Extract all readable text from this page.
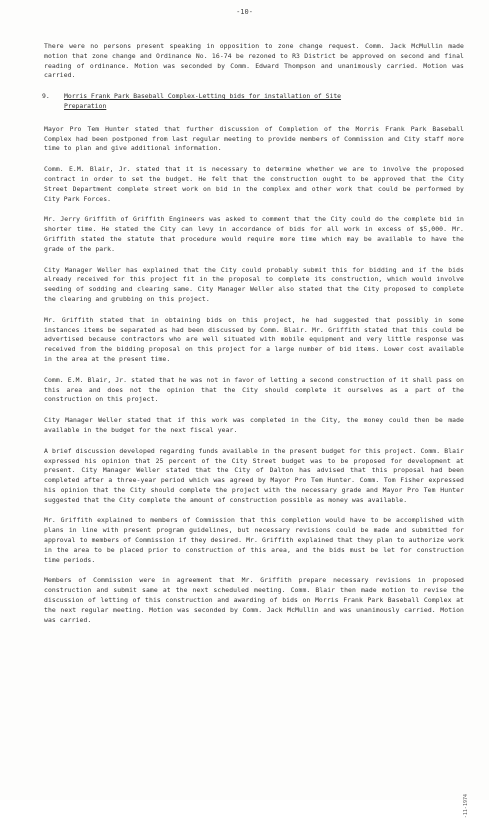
-10-

There were no persons present speaking in opposition to zone change request. Comm. Jack McMullin made motion that zone change and Ordinance No. 16-74 be rezoned to R3 District be approved on second and final reading of ordinance. Motion was seconded by Comm. Edward Thompson and unanimously carried. Motion was carried.

9.	Morris Frank Park Baseball Complex-Letting bids for installation of Site
Preparation

Mayor Pro Tem Hunter stated that further discussion of Completion of the Morris Frank Park Baseball Complex had been postponed from last regular meeting to provide members of Commission and City staff more time to plan and give additional information.

Comm. E.M. Blair, Jr. stated that it is necessary to determine whether we are to involve the proposed contract in order to set the budget. He felt that the construction ought to be approved that the City Street Department complete street work on bid in the complex and other work that could be performed by City Park Forces.

Mr. Jerry Griffith of Griffith Engineers was asked to comment that the City could do the complete bid in shorter time. He stated the City can levy in accordance of bids for all work in excess of $5,000. Mr. Griffith stated the statute that procedure would require more time which may be available to have the grade of the park.

City Manager Weller has explained that the City could probably submit this for bidding and if the bids already received for this project fit in the proposal to complete its construction, which would involve seeding of sodding and clearing same. City Manager Weller also stated that the City proposed to complete the clearing and grubbing on this project.

Mr. Griffith stated that in obtaining bids on this project, he had suggested that possibly in some instances items be separated as had been discussed by Comm. Blair. Mr. Griffith stated that this could be advertised because contractors who are well situated with mobile equipment and very little response was received from the bidding proposal on this project for a large number of bid items. Lower cost available in the area at the present time.

Comm. E.M. Blair, Jr. stated that he was not in favor of letting a second construction of it shall pass on this area and does not the opinion that the City should complete it ourselves as a part of the construction on this project.

City Manager Weller stated that if this work was completed in the City, the money could then be made available in the budget for the next fiscal year.

A brief discussion developed regarding funds available in the present budget for this project. Comm. Blair expressed his opinion that 25 percent of the City Street budget was to be proposed for development at present. City Manager Weller stated that the City of Dalton has advised that this proposal had been completed after a three-year period which was agreed by Mayor Pro Tem Hunter. Comm. Tom Fisher expressed his opinion that the City should complete the project with the necessary grade and Mayor Pro Tem Hunter suggested that the City complete the amount of construction possible as money was available.

Mr. Griffith explained to members of Commission that this completion would have to be accomplished with plans in line with present program guidelines, but necessary revisions could be made and submitted for approval to members of Commission if they desired. Mr. Griffith explained that they plan to authorize work in the area to be placed prior to construction of this area, and the bids must be let for construction time periods.

Members of Commission were in agreement that Mr. Griffith prepare necessary revisions in proposed construction and submit same at the next scheduled meeting. Comm. Blair then made motion to revise the discussion of letting of this construction and awarding of bids on Morris Frank Park Baseball Complex at the next regular meeting. Motion was seconded by Comm. Jack McMullin and was unanimously carried. Motion was carried.

-11-1974
